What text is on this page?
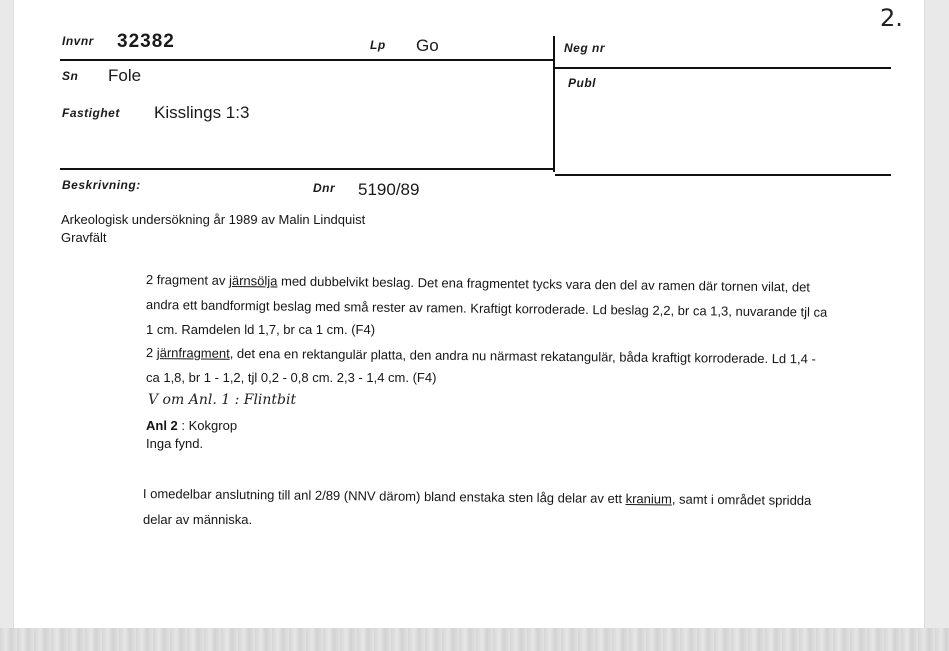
2.
Invnr 32382	Lp Go	Neg nr
Sn Fole	Publ
Fastighet Kisslings 1:3
Beskrivning:	Dnr 5190/89
Arkeologisk undersökning år 1989 av Malin Lindquist
Gravfält
2 fragment av järnsölja med dubbelvikt beslag. Det ena fragmentet tycks vara den del av ramen där tornen vilat, det
andra ett bandformigt beslag med små rester av ramen. Kraftigt korroderade. Ld beslag 2,2, br ca 1,3, nuvarande tjl ca
1 cm. Ramdelen ld 1,7, br ca 1 cm. (F4)
2 järnfragment, det ena en rektangulär platta, den andra nu närmast rekatangulär, båda kraftigt korroderade. Ld 1,4 -
ca 1,8, br 1 - 1,2, tjl 0,2 - 0,8 cm. 2,3 - 1,4 cm. (F4)
V om Anl. 1 : Flintbit
Anl 2 : Kokgrop
Inga fynd.
I omedelbar anslutning till anl 2/89 (NNV därom) bland enstaka sten låg delar av ett kranium, samt i området spridda
delar av människa.
